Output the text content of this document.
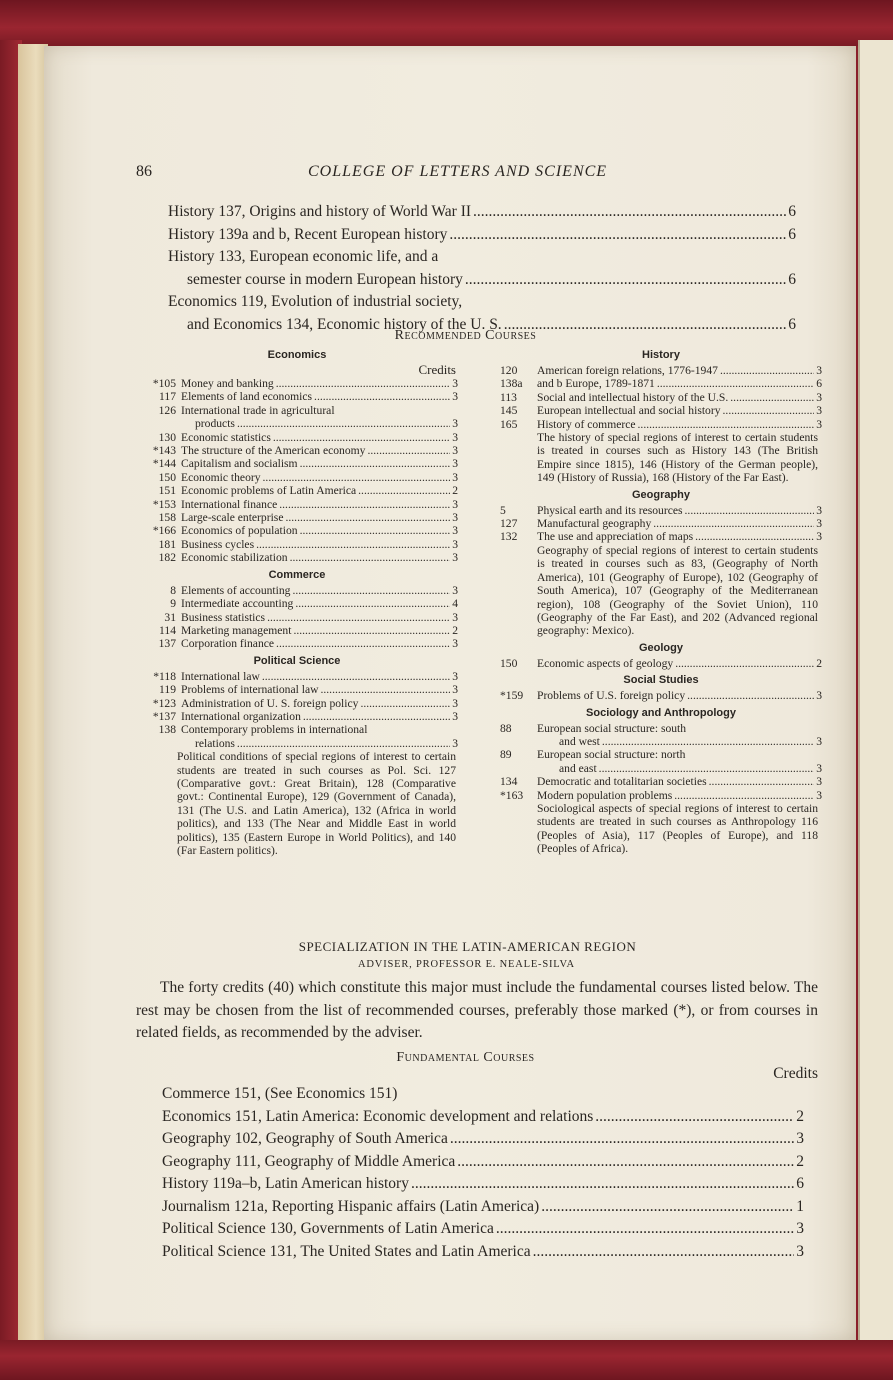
86	COLLEGE OF LETTERS AND SCIENCE
History 137, Origins and history of World War II .....	6
History 139a and b, Recent European history .....	6
History 133, European economic life, and a
semester course in modern European history .....	6
Economics 119, Evolution of industrial society,
and Economics 134, Economic history of the U. S. .....	6
Recommended Courses
Economics
Credits
*105 Money and banking .....	3
117 Elements of land economics .....	3
126 International trade in agricultural
products .....	3
130 Economic statistics .....	3
*143 The structure of the American economy .....	3
*144 Capitalism and socialism .....	3
150 Economic theory .....	3
151 Economic problems of Latin America .....	2
*153 International finance .....	3
158 Large-scale enterprise .....	3
*166 Economics of population .....	3
181 Business cycles .....	3
182 Economic stabilization .....	3
Commerce
8 Elements of accounting .....	3
9 Intermediate accounting .....	4
31 Business statistics .....	3
114 Marketing management .....	2
137 Corporation finance .....	3
Political Science
*118 International law .....	3
119 Problems of international law .....	3
*123 Administration of U. S. foreign policy .....	3
*137 International organization .....	3
138 Contemporary problems in international
relations .....	3
Political conditions of special regions of interest to certain students are treated in such courses as Pol. Sci. 127 (Comparative govt.: Great Britain), 128 (Comparative govt.: Continental Europe), 129 (Government of Canada), 131 (The U.S. and Latin America), 132 (Africa in world politics), and 133 (The Near and Middle East in world politics), 135 (Eastern Europe in World Politics), and 140 (Far Eastern politics).
History
120	American foreign relations, 1776-1947 .....	3
138a	and b Europe, 1789-1871 .....	6
113	Social and intellectual history of the U.S. .....	3
145	European intellectual and social history .....	3
165	History of commerce .....	3
The history of special regions of interest to certain students is treated in courses such as History 143 (The British Empire since 1815), 146 (History of the German people), 149 (History of Russia), 168 (History of the Far East).
Geography
5	Physical earth and its resources .....	3
127	Manufactural geography .....	3
132	The use and appreciation of maps .....	3
Geography of special regions of interest to certain students is treated in courses such as 83, (Geography of North America), 101 (Geography of Europe), 102 (Geography of South America), 107 (Geography of the Mediterranean region), 108 (Geography of the Soviet Union), 110 (Geography of the Far East), and 202 (Advanced regional geography: Mexico).
Geology
150	Economic aspects of geology .....	2
Social Studies
*159	Problems of U.S. foreign policy .....	3
Sociology and Anthropology
88	European social structure: south
and west .....	3
89	European social structure: north
and east .....	3
134	Democratic and totalitarian societies .....	3
*163	Modern population problems .....	3
Sociological aspects of special regions of interest to certain students are treated in such courses as Anthropology 116 (Peoples of Asia), 117 (Peoples of Europe), and 118 (Peoples of Africa).
SPECIALIZATION IN THE LATIN-AMERICAN REGION
ADVISER, PROFESSOR E. NEALE-SILVA
The forty credits (40) which constitute this major must include the fundamental courses listed below. The rest may be chosen from the list of recommended courses, preferably those marked (*), or from courses in related fields, as recommended by the adviser.
Fundamental Courses
Credits
Commerce 151, (See Economics 151)
Economics 151, Latin America: Economic development and relations .....	2
Geography 102, Geography of South America .....	3
Geography 111, Geography of Middle America .....	2
History 119a–b, Latin American history .....	6
Journalism 121a, Reporting Hispanic affairs (Latin America) .....	1
Political Science 130, Governments of Latin America .....	3
Political Science 131, The United States and Latin America .....	3
